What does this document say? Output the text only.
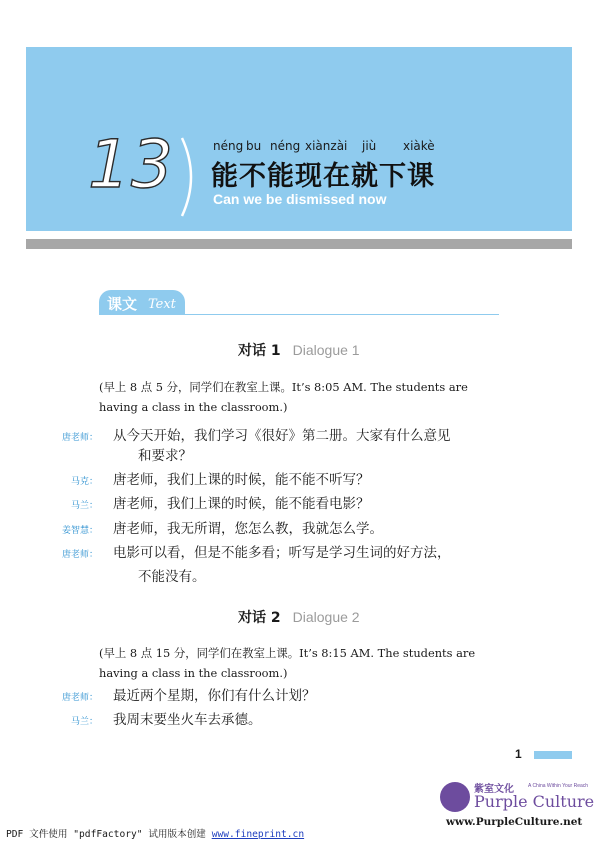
13	néng bu néng xiànzài jiù xiàkè
能不能现在就下课
Can we be dismissed now
课文 Text
对话 1 Dialogue 1
(早上 8 点 5 分，同学们在教室上课。It’s 8:05 AM. The students are having a class in the classroom.)
唐老师： 从今天开始，我们学习《很好》第二册。大家有什么意见
和要求？
马克： 唐老师，我们上课的时候，能不能不听写？
马兰： 唐老师，我们上课的时候，能不能看电影？
姜智慧： 唐老师，我无所谓，您怎么教，我就怎么学。
唐老师： 电影可以看，但是不能多看；听写是学习生词的好方法，
不能没有。
对话 2 Dialogue 2
(早上 8 点 15 分，同学们在教室上课。It’s 8:15 AM. The students are having a class in the classroom.)
唐老师： 最近两个星期，你们有什么计划？
马兰： 我周末要坐火车去承德。
1
紫室文化	A China Within Your Reach
Purple Culture
www.PurpleCulture.net
PDF 文件使用 "pdfFactory" 试用版本创建 www.fineprint.cn
